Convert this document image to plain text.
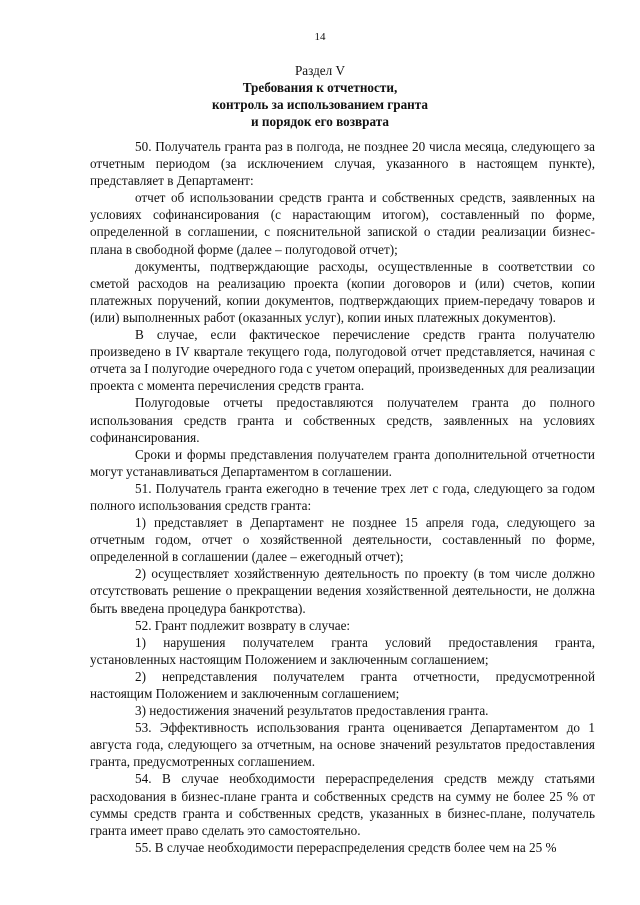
14
Раздел V
Требования к отчетности,
контроль за использованием гранта
и порядок его возврата

50. Получатель гранта раз в полгода, не позднее 20 числа месяца, следующего за отчетным периодом (за исключением случая, указанного в настоящем пункте), представляет в Департамент:

отчет об использовании средств гранта и собственных средств, заявленных на условиях софинансирования (с нарастающим итогом), составленный по форме, определенной в соглашении, с пояснительной запиской о стадии реализации бизнес-плана в свободной форме (далее – полугодовой отчет);

документы, подтверждающие расходы, осуществленные в соответствии со сметой расходов на реализацию проекта (копии договоров и (или) счетов, копии платежных поручений, копии документов, подтверждающих прием-передачу товаров и (или) выполненных работ (оказанных услуг), копии иных платежных документов).

В случае, если фактическое перечисление средств гранта получателю произведено в IV квартале текущего года, полугодовой отчет представляется, начиная с отчета за I полугодие очередного года с учетом операций, произведенных для реализации проекта с момента перечисления средств гранта.

Полугодовые отчеты предоставляются получателем гранта до полного использования средств гранта и собственных средств, заявленных на условиях софинансирования.

Сроки и формы представления получателем гранта дополнительной отчетности могут устанавливаться Департаментом в соглашении.

51. Получатель гранта ежегодно в течение трех лет с года, следующего за годом полного использования средств гранта:

1) представляет в Департамент не позднее 15 апреля года, следующего за отчетным годом, отчет о хозяйственной деятельности, составленный по форме, определенной в соглашении (далее – ежегодный отчет);

2) осуществляет хозяйственную деятельность по проекту (в том числе должно отсутствовать решение о прекращении ведения хозяйственной деятельности, не должна быть введена процедура банкротства).

52. Грант подлежит возврату в случае:

1) нарушения получателем гранта условий предоставления гранта, установленных настоящим Положением и заключенным соглашением;

2) непредставления получателем гранта отчетности, предусмотренной настоящим Положением и заключенным соглашением;

3) недостижения значений результатов предоставления гранта.

53. Эффективность использования гранта оценивается Департаментом до 1 августа года, следующего за отчетным, на основе значений результатов предоставления гранта, предусмотренных соглашением.

54. В случае необходимости перераспределения средств между статьями расходования в бизнес-плане гранта и собственных средств на сумму не более 25 % от суммы средств гранта и собственных средств, указанных в бизнес-плане, получатель гранта имеет право сделать это самостоятельно.

55. В случае необходимости перераспределения средств более чем на 25 %
